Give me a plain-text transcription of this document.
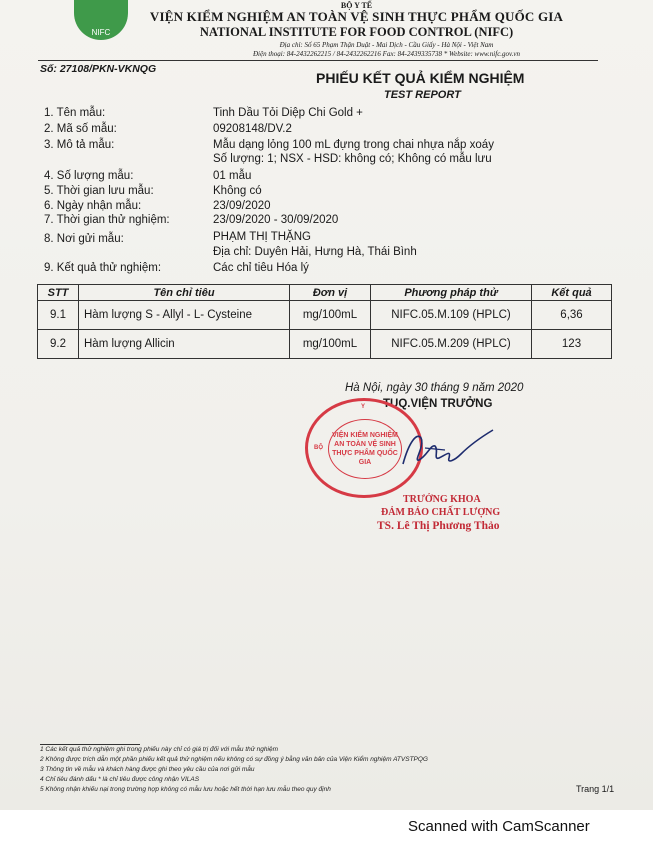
NIFC
BỘ Y TẾ
VIỆN KIỂM NGHIỆM AN TOÀN VỆ SINH THỰC PHẨM QUỐC GIA
NATIONAL INSTITUTE FOR FOOD CONTROL (NIFC)
Địa chỉ: Số 65 Phạm Thận Duật - Mai Dịch - Cầu Giấy - Hà Nội - Việt Nam
Điện thoại: 84-2432262215 / 84-2432262216 Fax: 84-2439335738 * Website: www.nifc.gov.vn
Số: 27108/PKN-VKNQG
PHIẾU KẾT QUẢ KIỂM NGHIỆM
TEST REPORT
1. Tên mẫu:	Tinh Dầu Tỏi Diệp Chi Gold +
2. Mã số mẫu:	09208148/DV.2
3. Mô tả mẫu:	Mẫu dạng lỏng 100 mL đựng trong chai nhựa nắp xoáy
Số lượng: 1; NSX - HSD: không có; Không có mẫu lưu
4. Số lượng mẫu:	01 mẫu
5. Thời gian lưu mẫu:	Không có
6. Ngày nhận mẫu:	23/09/2020
7. Thời gian thử nghiệm:	23/09/2020 - 30/09/2020
8. Nơi gửi mẫu:	PHẠM THỊ THẶNG
Địa chỉ: Duyên Hải, Hưng Hà, Thái Bình
9. Kết quả thử nghiệm:	Các chỉ tiêu Hóa lý
STT	Tên chỉ tiêu	Đơn vị	Phương pháp thử	Kết quả
9.1	Hàm lượng S - Allyl - L- Cysteine	mg/100mL	NIFC.05.M.109 (HPLC)	6,36
9.2	Hàm lượng Allicin	mg/100mL	NIFC.05.M.209 (HPLC)	123
Hà Nội, ngày 30 tháng 9 năm 2020
TUQ.VIỆN TRƯỞNG
Y
BỘ
VIỆN KIỂM NGHIỆM AN TOÀN VỆ SINH THỰC PHẨM QUỐC GIA
TRƯỞNG KHOA
ĐẢM BẢO CHẤT LƯỢNG
TS. Lê Thị Phương Thảo
1 Các kết quả thử nghiệm ghi trong phiếu này chỉ có giá trị đối với mẫu thử nghiệm
2 Không được trích dẫn một phần phiếu kết quả thử nghiệm nếu không có sự đồng ý bằng văn bản của Viện Kiểm nghiệm ATVSTPQG
3 Thông tin về mẫu và khách hàng được ghi theo yêu cầu của nơi gửi mẫu
4 Chỉ tiêu đánh dấu * là chỉ tiêu được công nhận VILAS
5 Không nhận khiếu nại trong trường hợp không có mẫu lưu hoặc hết thời hạn lưu mẫu theo quy định	Trang 1/1
Scanned with CamScanner
